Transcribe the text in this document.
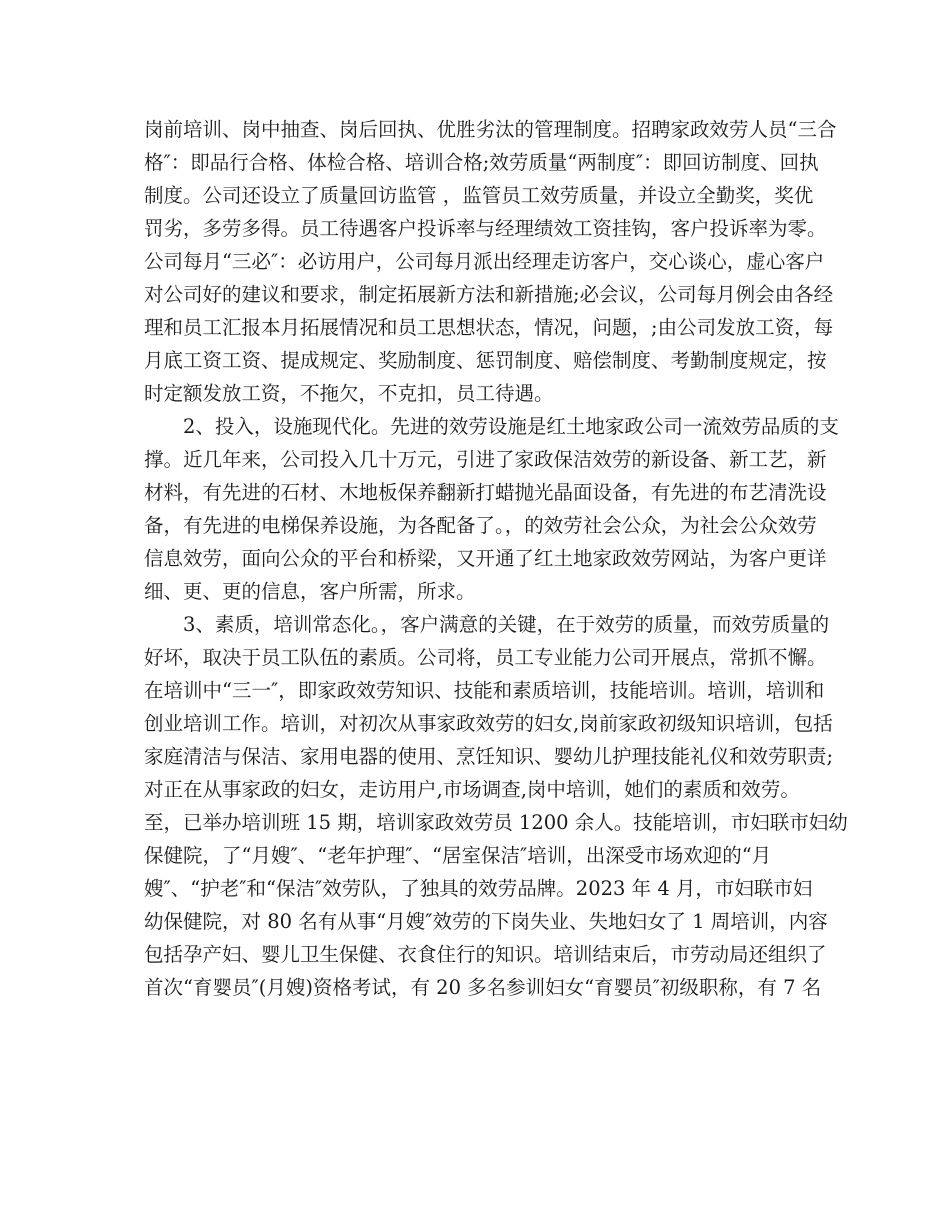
岗前培训、岗中抽查、岗后回执、优胜劣汰的管理制度。招聘家政效劳人员“三合
格″：即品行合格、体检合格、培训合格;效劳质量“两制度″：即回访制度、回执
制度。公司还设立了质量回访监管 ，监管员工效劳质量，并设立全勤奖，奖优
罚劣，多劳多得。员工待遇客户投诉率与经理绩效工资挂钩，客户投诉率为零。
公司每月“三必″：必访用户，公司每月派出经理走访客户，交心谈心，虚心客户
对公司好的建议和要求，制定拓展新方法和新措施;必会议，公司每月例会由各经
理和员工汇报本月拓展情况和员工思想状态，情况，问题，;由公司发放工资，每
月底工资工资、提成规定、奖励制度、惩罚制度、赔偿制度、考勤制度规定，按
时定额发放工资，不拖欠，不克扣，员工待遇。
2、投入，设施现代化。先进的效劳设施是红土地家政公司一流效劳品质的支
撑。近几年来，公司投入几十万元，引进了家政保洁效劳的新设备、新工艺，新
材料，有先进的石材、木地板保养翻新打蜡抛光晶面设备，有先进的布艺清洗设
备，有先进的电梯保养设施，为各配备了。，的效劳社会公众，为社会公众效劳
信息效劳，面向公众的平台和桥梁，又开通了红土地家政效劳网站，为客户更详
细、更、更的信息，客户所需，所求。
3、素质，培训常态化。，客户满意的关键，在于效劳的质量，而效劳质量的
好坏，取决于员工队伍的素质。公司将，员工专业能力公司开展点，常抓不懈。
在培训中“三一″，即家政效劳知识、技能和素质培训，技能培训。培训，培训和
创业培训工作。培训，对初次从事家政效劳的妇女,岗前家政初级知识培训，包括
家庭清洁与保洁、家用电器的使用、烹饪知识、婴幼儿护理技能礼仪和效劳职责;
对正在从事家政的妇女，走访用户,市场调查,岗中培训，她们的素质和效劳。
至，已举办培训班 15 期，培训家政效劳员 1200 余人。技能培训，市妇联市妇幼
保健院，了“月嫂″、“老年护理″、“居室保洁″培训，出深受市场欢迎的“月
嫂″、“护老″和“保洁″效劳队，了独具的效劳品牌。2023 年 4 月，市妇联市妇
幼保健院，对 80 名有从事“月嫂″效劳的下岗失业、失地妇女了 1 周培训，内容
包括孕产妇、婴儿卫生保健、衣食住行的知识。培训结束后，市劳动局还组织了
首次“育婴员″(月嫂)资格考试，有 20 多名参训妇女“育婴员″初级职称，有 7 名
